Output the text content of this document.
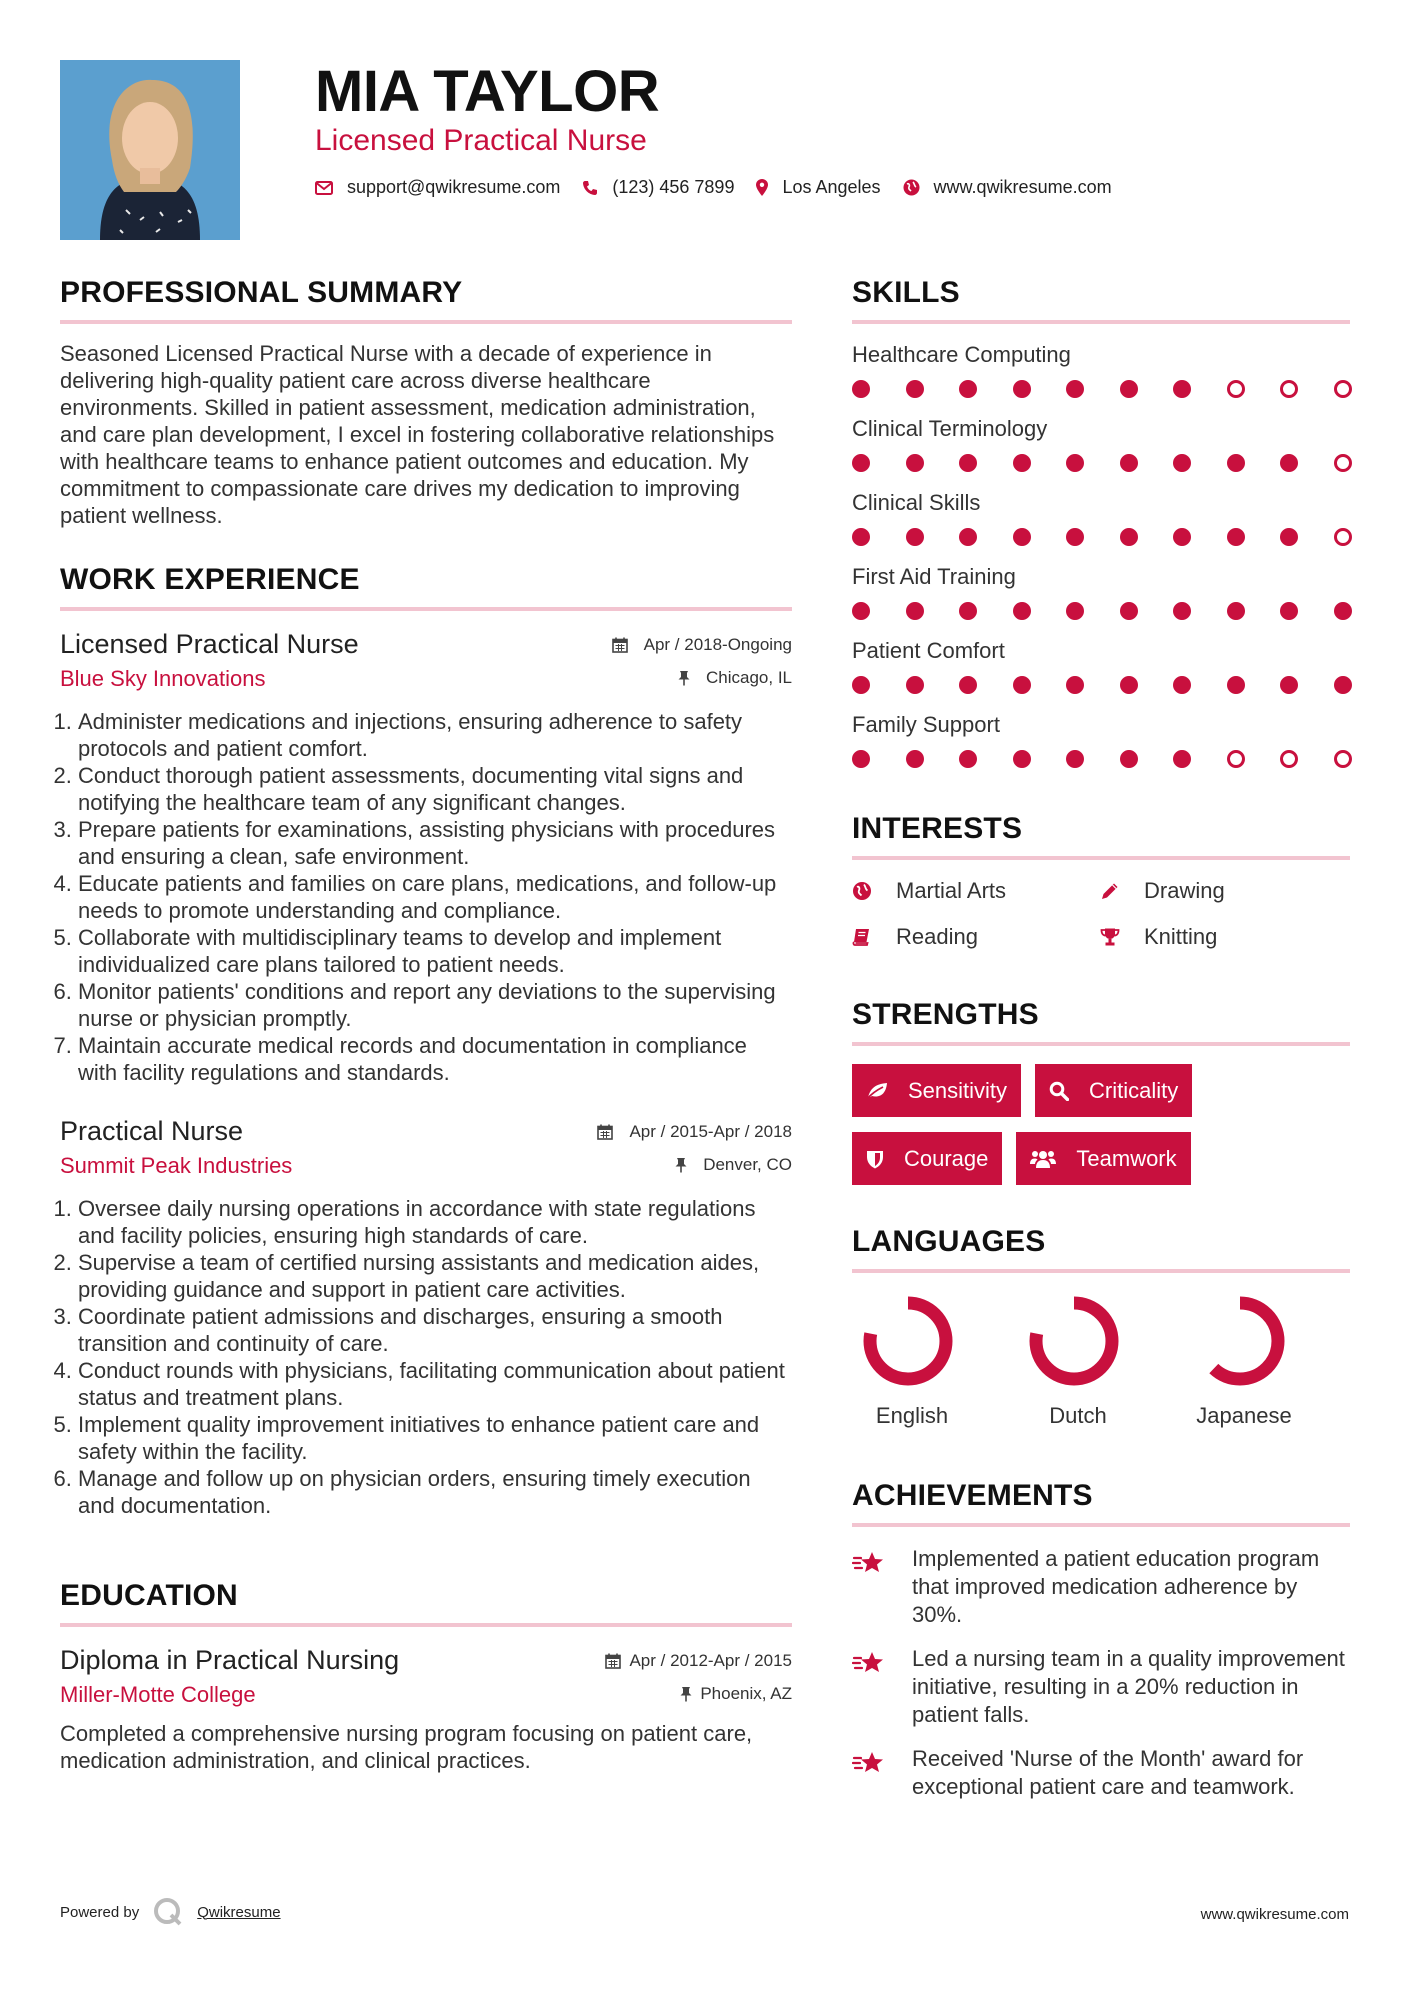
MIA TAYLOR
Licensed Practical Nurse
support@qwikresume.com	(123) 456 7899	Los Angeles	www.qwikresume.com
PROFESSIONAL SUMMARY
Seasoned Licensed Practical Nurse with a decade of experience in delivering high-quality patient care across diverse healthcare environments. Skilled in patient assessment, medication administration, and care plan development, I excel in fostering collaborative relationships with healthcare teams to enhance patient outcomes and education. My commitment to compassionate care drives my dedication to improving patient wellness.
WORK EXPERIENCE
Licensed Practical Nurse	Apr / 2018-Ongoing
Blue Sky Innovations	Chicago, IL
1. Administer medications and injections, ensuring adherence to safety protocols and patient comfort.
2. Conduct thorough patient assessments, documenting vital signs and notifying the healthcare team of any significant changes.
3. Prepare patients for examinations, assisting physicians with procedures and ensuring a clean, safe environment.
4. Educate patients and families on care plans, medications, and follow-up needs to promote understanding and compliance.
5. Collaborate with multidisciplinary teams to develop and implement individualized care plans tailored to patient needs.
6. Monitor patients' conditions and report any deviations to the supervising nurse or physician promptly.
7. Maintain accurate medical records and documentation in compliance with facility regulations and standards.
Practical Nurse	Apr / 2015-Apr / 2018
Summit Peak Industries	Denver, CO
1. Oversee daily nursing operations in accordance with state regulations and facility policies, ensuring high standards of care.
2. Supervise a team of certified nursing assistants and medication aides, providing guidance and support in patient care activities.
3. Coordinate patient admissions and discharges, ensuring a smooth transition and continuity of care.
4. Conduct rounds with physicians, facilitating communication about patient status and treatment plans.
5. Implement quality improvement initiatives to enhance patient care and safety within the facility.
6. Manage and follow up on physician orders, ensuring timely execution and documentation.
EDUCATION
Diploma in Practical Nursing	Apr / 2012-Apr / 2015
Miller-Motte College	Phoenix, AZ
Completed a comprehensive nursing program focusing on patient care, medication administration, and clinical practices.
SKILLS
Healthcare Computing
Clinical Terminology
Clinical Skills
First Aid Training
Patient Comfort
Family Support
INTERESTS
Martial Arts	Drawing
Reading	Knitting
STRENGTHS
Sensitivity	Criticality
Courage	Teamwork
LANGUAGES
English	Dutch	Japanese
ACHIEVEMENTS
Implemented a patient education program that improved medication adherence by 30%.
Led a nursing team in a quality improvement initiative, resulting in a 20% reduction in patient falls.
Received 'Nurse of the Month' award for exceptional patient care and teamwork.
Powered by	Qwikresume	www.qwikresume.com
